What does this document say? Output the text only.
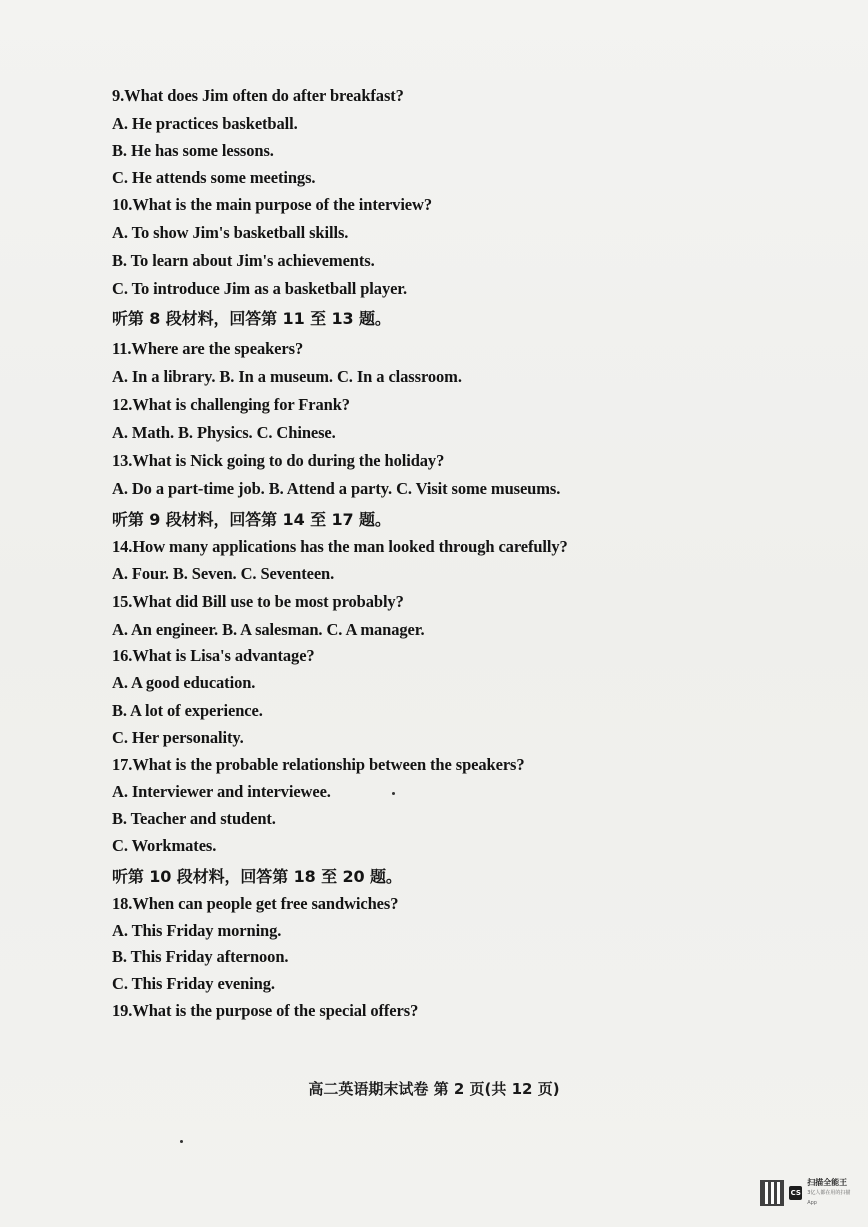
9.What does Jim often do after breakfast?
A. He practices basketball.
B. He has some lessons.
C. He attends some meetings.
10.What is the main purpose of the interview?
A. To show Jim's basketball skills.
B. To learn about Jim's achievements.
C. To introduce Jim as a basketball player.
听第 8 段材料，回答第 11 至 13 题。
11.Where are the speakers?
A. In a library. B. In a museum. C. In a classroom.
12.What is challenging for Frank?
A. Math. B. Physics. C. Chinese.
13.What is Nick going to do during the holiday?
A. Do a part-time job. B. Attend a party. C. Visit some museums.
听第 9 段材料，回答第 14 至 17 题。
14.How many applications has the man looked through carefully?
A. Four. B. Seven. C. Seventeen.
15.What did Bill use to be most probably?
A. An engineer. B. A salesman. C. A manager.
16.What is Lisa's advantage?
A. A good education.
B. A lot of experience.
C. Her personality.
17.What is the probable relationship between the speakers?
A. Interviewer and interviewee.
B. Teacher and student.
C. Workmates.
听第 10 段材料，回答第 18 至 20 题。
18.When can people get free sandwiches?
A. This Friday morning.
B. This Friday afternoon.
C. This Friday evening.
19.What is the purpose of the special offers?
高二英语期末试卷 第 2 页(共 12 页)
CS
扫描全能王
3亿人都在用的扫描App
